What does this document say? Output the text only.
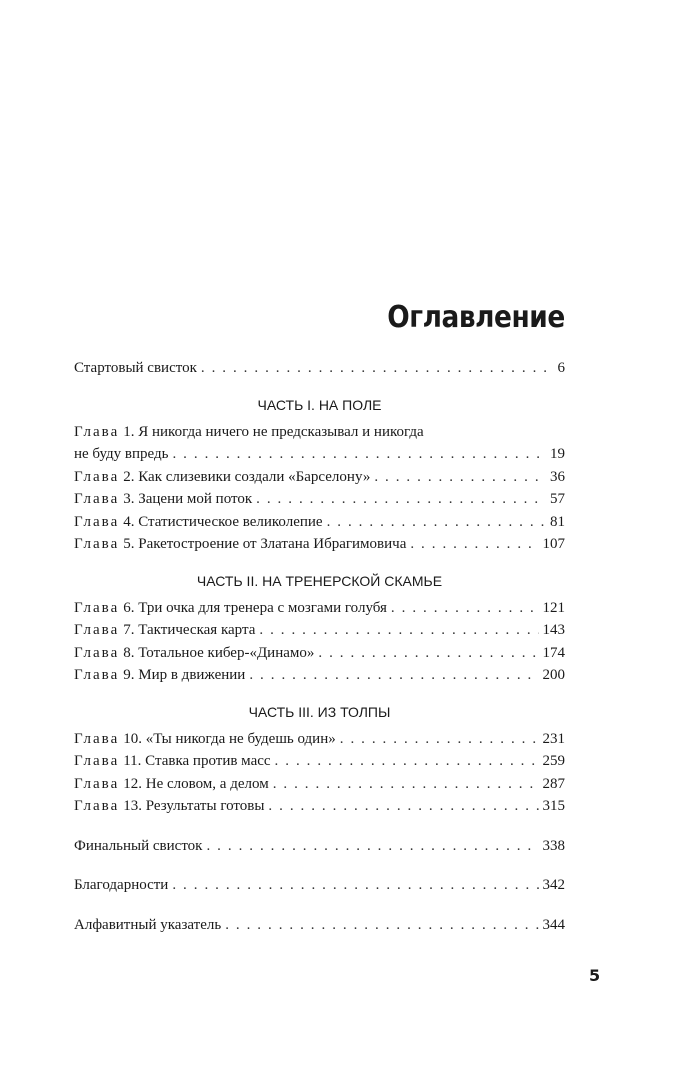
Оглавление
Стартовый свисток . . .	6
ЧАСТЬ I. НА ПОЛЕ
Глава 1. Я никогда ничего не предсказывал и никогда
не буду впредь . . .	19
Глава 2. Как слизевики создали «Барселону» . . .	36
Глава 3. Зацени мой поток . . .	57
Глава 4. Статистическое великолепие . . .	81
Глава 5. Ракетостроение от Златана Ибрагимовича . . .	107
ЧАСТЬ II. НА ТРЕНЕРСКОЙ СКАМЬЕ
Глава 6. Три очка для тренера с мозгами голубя . . .	121
Глава 7. Тактическая карта . . .	143
Глава 8. Тотальное кибер-«Динамо» . . .	174
Глава 9. Мир в движении . . .	200
ЧАСТЬ III. ИЗ ТОЛПЫ
Глава 10. «Ты никогда не будешь один» . . .	231
Глава 11. Ставка против масс . . .	259
Глава 12. Не словом, а делом . . .	287
Глава 13. Результаты готовы . . .	315
Финальный свисток . . .	338
Благодарности . . .	342
Алфавитный указатель . . .	344
5
